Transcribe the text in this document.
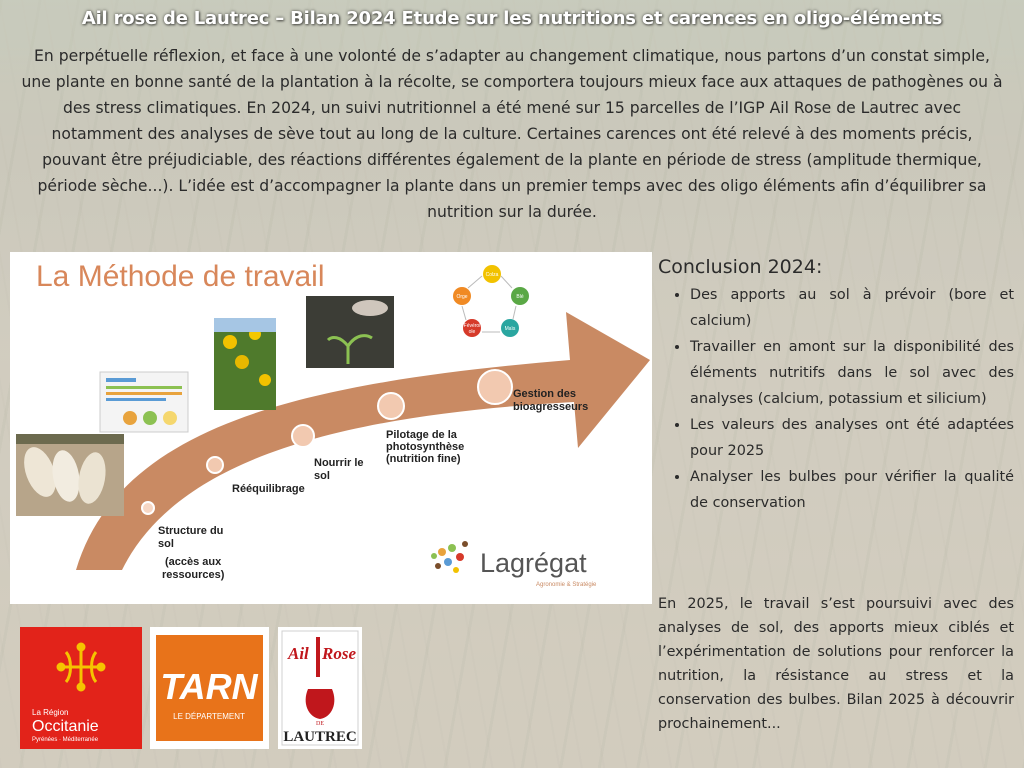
Ail rose de Lautrec – Bilan 2024 Etude sur les nutritions et carences en oligo-éléments
En perpétuelle réflexion, et face à une volonté de s’adapter au changement climatique, nous partons d’un constat simple, une plante en bonne santé de la plantation à la récolte, se comportera toujours mieux face aux attaques de pathogènes ou à des stress climatiques. En 2024, un suivi nutritionnel a été mené sur 15 parcelles de l’IGP Ail Rose de Lautrec avec notamment des analyses de sève tout au long de la culture. Certaines carences ont été relevé à des moments précis, pouvant être préjudiciable, des réactions différentes également de la plante en période de stress (amplitude thermique, période sèche...). L’idée est d’accompagner la plante dans un premier temps avec des oligo éléments afin d’équilibrer sa nutrition sur la durée.
La Méthode de travail
Structure du
sol
(accès aux
ressources)
Rééquilibrage
Nourrir le
sol
Pilotage de la
photosynthèse
(nutrition fine)
Gestion des
bioagresseurs
Colza
Blé
Maïs
Févérol
ole
Orge
Lagrégat
Agronomie & Stratégie
Conclusion 2024:
• Des apports au sol à prévoir (bore et calcium)
• Travailler en amont sur la disponibilité des éléments nutritifs dans le sol avec des analyses (calcium, potassium et silicium)
• Les valeurs des analyses ont été adaptées pour 2025
• Analyser les bulbes pour vérifier la qualité de conservation
En 2025, le travail s’est poursuivi avec des analyses de sol, des apports mieux ciblés et l’expérimentation de solutions pour renforcer la nutrition, la résistance au stress et la conservation des bulbes. Bilan 2025 à découvrir prochainement...
La Région
Occitanie
Pyrénées · Méditerranée
TARN
LE DÉPARTEMENT
Ail Rose
DE
LAUTREC
